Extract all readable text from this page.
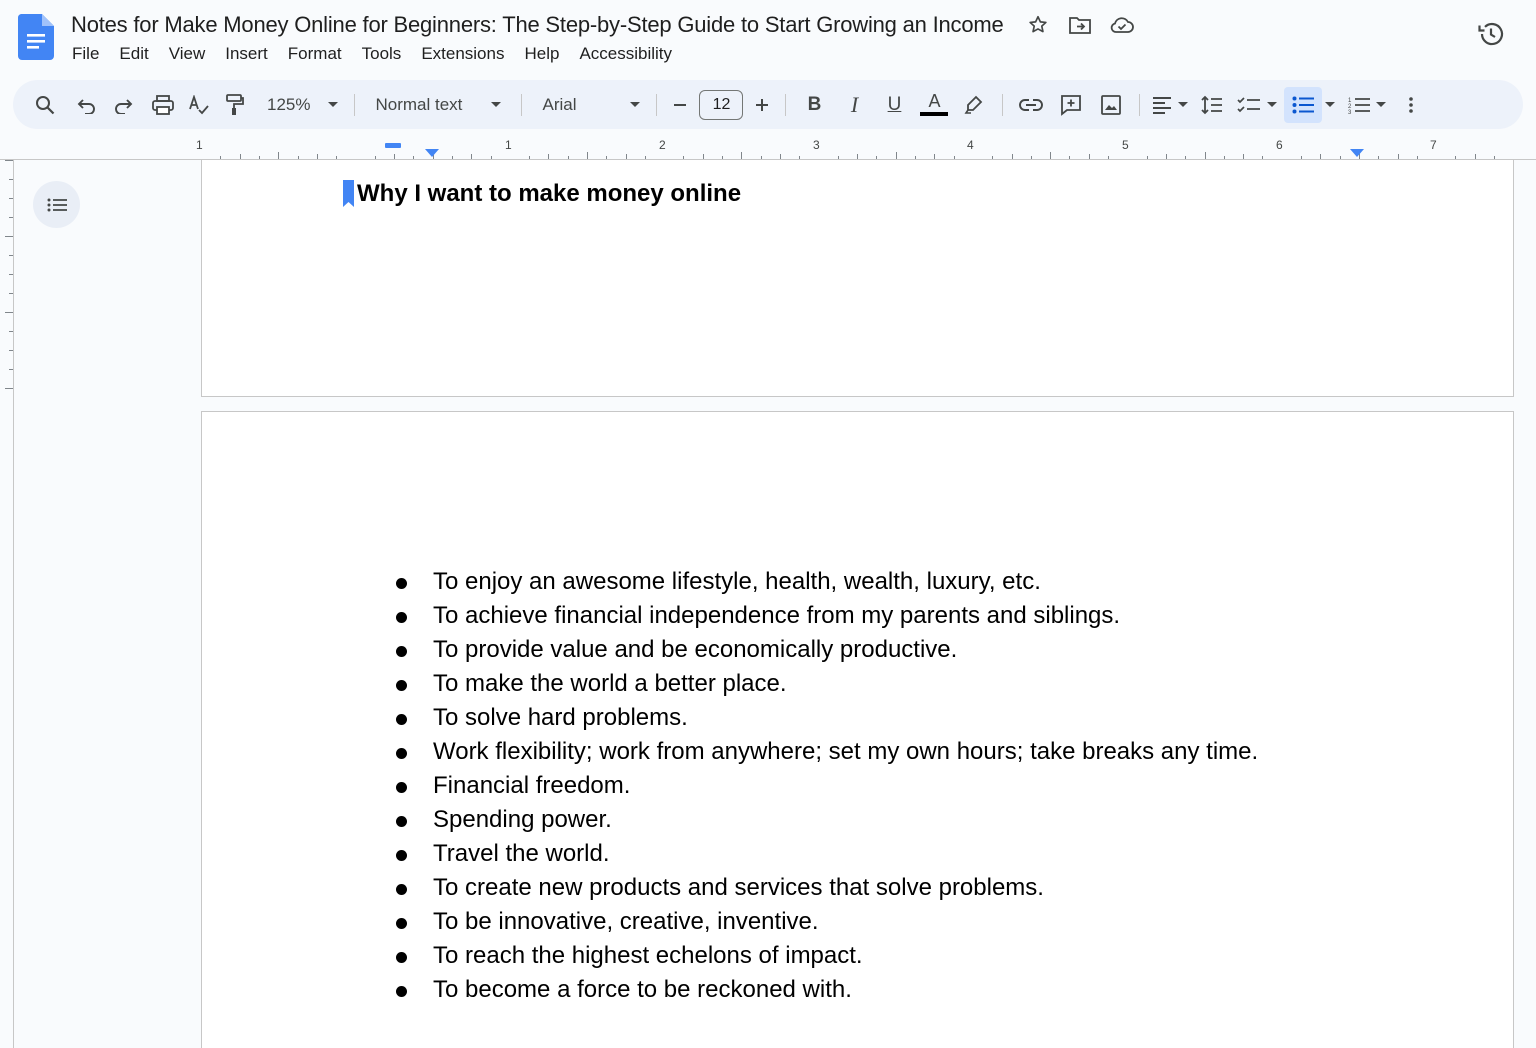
Notes for Make Money Online for Beginners: The Step-by-Step Guide to Start Growing an Income
File	Edit	View	Insert	Format	Tools	Extensions	Help	Accessibility
125%	Normal text	Arial	12	B	I	U	A	1
2
3
1	1	2	3	4	5	6	7
Why I want to make money online
To enjoy an awesome lifestyle, health, wealth, luxury, etc.
To achieve financial independence from my parents and siblings.
To provide value and be economically productive.
To make the world a better place.
To solve hard problems.
Work flexibility; work from anywhere; set my own hours; take breaks any time.
Financial freedom.
Spending power.
Travel the world.
To create new products and services that solve problems.
To be innovative, creative, inventive.
To reach the highest echelons of impact.
To become a force to be reckoned with.
